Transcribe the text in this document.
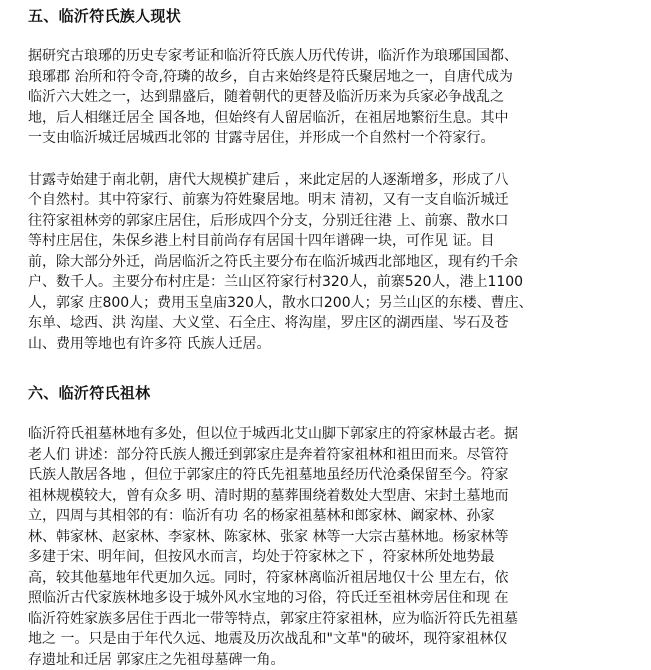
五、临沂符氏族人现状

据研究古琅琊的历史专家考证和临沂符氏族人历代传讲，临沂作为琅琊国国都、
琅琊郡 治所和符令奇,符璘的故乡，自古来始终是符氏聚居地之一，自唐代成为
临沂六大姓之一，达到鼎盛后，随着朝代的更替及临沂历来为兵家必争战乱之
地，后人相继迁居全 国各地，但始终有人留居临沂，在祖居地繁衍生息。其中
一支由临沂城迁居城西北邻的 甘露寺居住，并形成一个自然村一个符家行。

甘露寺始建于南北朝，唐代大规模扩建后 ，来此定居的人逐渐增多，形成了八
个自然村。其中符家行、前寨为符姓聚居地。明末 清初，又有一支自临沂城迁
往符家祖林旁的郭家庄居住，后形成四个分支，分别迁往港 上、前寨、散水口
等村庄居住，朱保乡港上村目前尚存有居国十四年谱碑一块，可作见 证。目
前，除大部分外迁，尚居临沂之符氏主要分布在临沂城西北部地区，现有约千余
户、数千人。主要分布村庄是：兰山区符家行村320人，前寨520人，港上1100
人，郭家 庄800人；费用玉皇庙320人，散水口200人；另兰山区的东楼、曹庄、
东单、埝西、洪 沟崖、大义堂、石全庄、将沟崖，罗庄区的湖西崖、岑石及苍
山、费用等地也有许多符 氏族人迁居。

六、临沂符氏祖林

临沂符氏祖墓林地有多处，但以位于城西北艾山脚下郭家庄的符家林最古老。据
老人们 讲述：部分符氏族人搬迁到郭家庄是奔着符家祖林和祖田而来。尽管符
氏族人散居各地 ，但位于郭家庄的符氏先祖墓地虽经历代沧桑保留至今。符家
祖林规模较大，曾有众多 明、清时期的墓葬围绕着数处大型唐、宋封土墓地而
立，四周与其相邻的有：临沂有功 名的杨家祖墓林和郎家林、阚家林、孙家
林、韩家林、赵家林、李家林、陈家林、张家 林等一大宗古墓林地。杨家林等
多建于宋、明年间，但按风水而言，均处于符家林之下 ，符家林所处地势最
高，较其他墓地年代更加久远。同时，符家林离临沂祖居地仅十公 里左右，依
照临沂古代家族林地多设于城外风水宝地的习俗，符氏迁至祖林旁居住和现 在
临沂符姓家族多居住于西北一带等特点，郭家庄符家祖林，应为临沂符氏先祖墓
地之 一。只是由于年代久远、地震及历次战乱和"文革"的破坏，现符家祖林仅
存遗址和迁居 郭家庄之先祖母墓碑一角。
